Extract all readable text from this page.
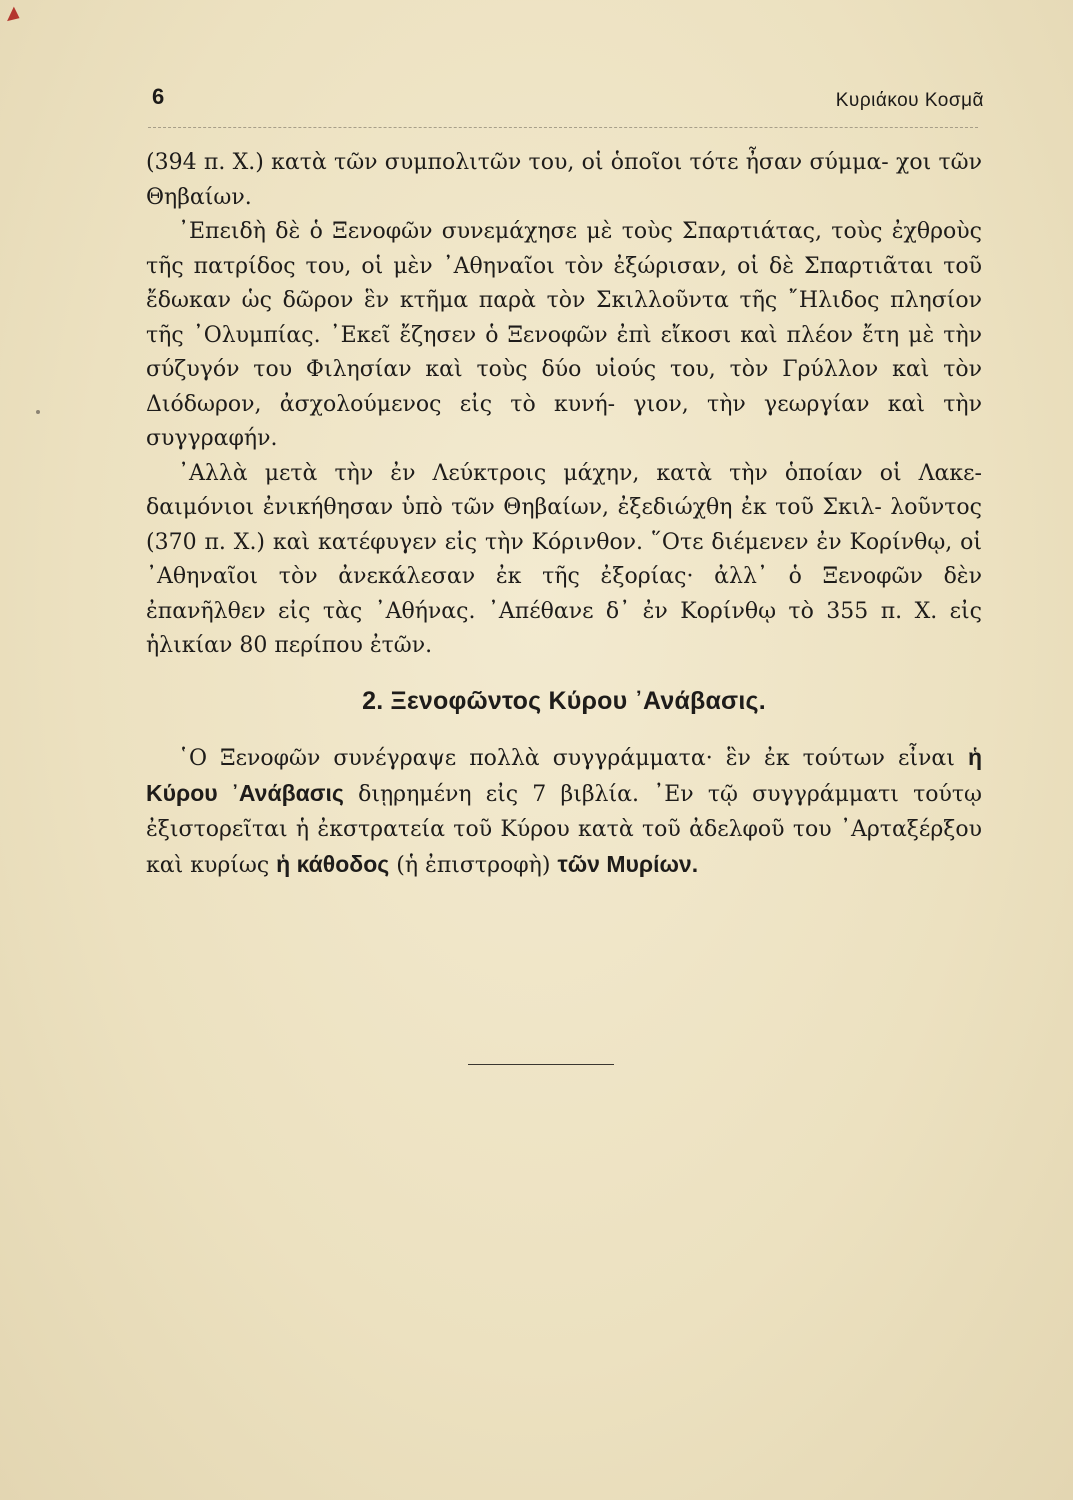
6	Κυριάκου Κοσμᾶ

(394 π. Χ.) κατὰ τῶν συμπολιτῶν του, οἱ ὁποῖοι τότε ἦσαν σύμμα- χοι τῶν Θηβαίων.

᾿Επειδὴ δὲ ὁ Ξενοφῶν συνεμάχησε μὲ τοὺς Σπαρτιάτας, τοὺς ἐχθροὺς τῆς πατρίδος του, οἱ μὲν ᾿Αθηναῖοι τὸν ἐξώρισαν, οἱ δὲ Σπαρτιᾶται τοῦ ἔδωκαν ὡς δῶρον ἓν κτῆμα παρὰ τὸν Σκιλλοῦντα τῆς ῎Ηλιδος πλησίον τῆς ᾿Ολυμπίας. ᾿Εκεῖ ἔζησεν ὁ Ξενοφῶν ἐπὶ εἴκοσι καὶ πλέον ἔτη μὲ τὴν σύζυγόν του Φιλησίαν καὶ τοὺς δύο υἱούς του, τὸν Γρύλλον καὶ τὸν Διόδωρον, ἀσχολούμενος εἰς τὸ κυνή- γιον, τὴν γεωργίαν καὶ τὴν συγγραφήν.

᾿Αλλὰ μετὰ τὴν ἐν Λεύκτροις μάχην, κατὰ τὴν ὁποίαν οἱ Λακε- δαιμόνιοι ἐνικήθησαν ὑπὸ τῶν Θηβαίων, ἐξεδιώχθη ἐκ τοῦ Σκιλ- λοῦντος (370 π. Χ.) καὶ κατέφυγεν εἰς τὴν Κόρινθον. ῞Οτε διέμενεν ἐν Κορίνθῳ, οἱ ᾿Αθηναῖοι τὸν ἀνεκάλεσαν ἐκ τῆς ἐξορίας· ἀλλ᾿ ὁ Ξενοφῶν δὲν ἐπανῆλθεν εἰς τὰς ᾿Αθήνας. ᾿Απέθανε δ᾿ ἐν Κορίνθῳ τὸ 355 π. Χ. εἰς ἡλικίαν 80 περίπου ἐτῶν.

2. Ξενοφῶντος Κύρου ᾿Ανάβασις.

῾Ο Ξενοφῶν συνέγραψε πολλὰ συγγράμματα· ἓν ἐκ τούτων εἶναι ἡ Κύρου ᾿Ανάβασις διῃρημένη εἰς 7 βιβλία. ᾿Εν τῷ συγγράμματι τούτῳ ἐξιστορεῖται ἡ ἐκστρατεία τοῦ Κύρου κατὰ τοῦ ἀδελφοῦ του ᾿Αρταξέρξου καὶ κυρίως ἡ κάθοδος (ἡ ἐπιστροφὴ) τῶν Μυρίων.
